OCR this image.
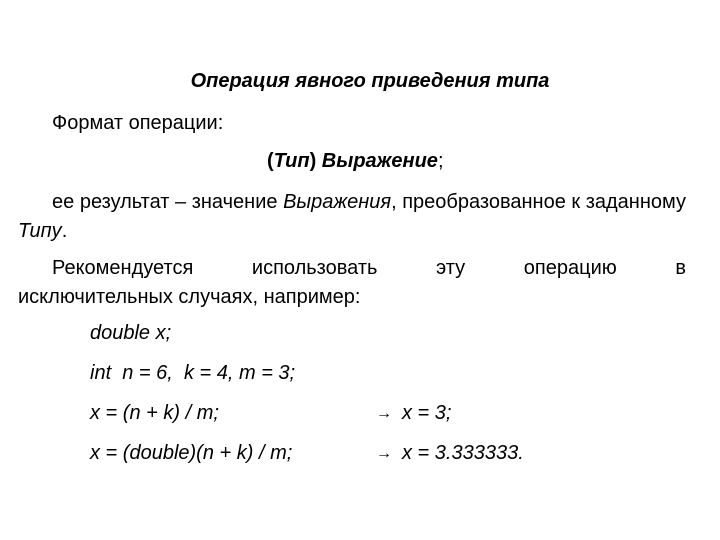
Операция явного приведения типа
Формат операции:
(Тип) Выражение;
ее результат – значение Выражения, преобразованное к заданному Типу.
Рекомендуется использовать эту операцию в
исключительных случаях, например:
double x;
int  n = 6,  k = 4, m = 3;
x = (n + k) / m;
x = (double)(n + k) / m;
→ x = 3;
→ x = 3.333333.
